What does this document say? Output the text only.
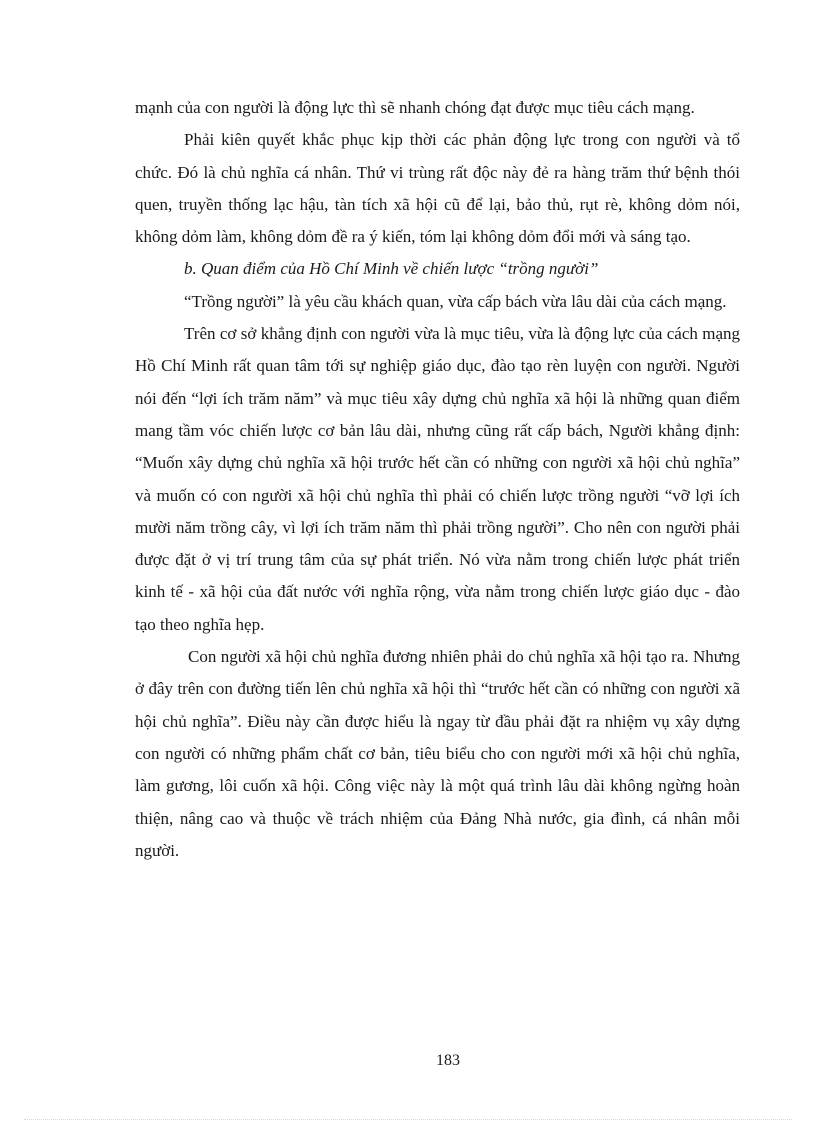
mạnh của con người là động lực thì sẽ nhanh chóng đạt được mục tiêu cách mạng.

Phải kiên quyết khắc phục kịp thời các phản động lực trong con người và tổ chức. Đó là chủ nghĩa cá nhân. Thứ vi trùng rất độc này đẻ ra hàng trăm thứ bệnh thói quen, truyền thống lạc hậu, tàn tích xã hội cũ để lại, bảo thủ, rụt rè, không dỏm nói, không dỏm làm, không dỏm đề ra ý kiến, tóm lại không dỏm đổi mới và sáng tạo.

b. Quan điểm của Hồ Chí Minh về chiến lược “trồng người”

“Trồng người” là yêu cầu khách quan, vừa cấp bách vừa lâu dài của cách mạng.

Trên cơ sở khẳng định con người vừa là mục tiêu, vừa là động lực của cách mạng Hồ Chí Minh rất quan tâm tới sự nghiệp giáo dục, đào tạo rèn luyện con người. Người nói đến “lợi ích trăm năm” và mục tiêu xây dựng chủ nghĩa xã hội là những quan điểm mang tầm vóc chiến lược cơ bản lâu dài, nhưng cũng rất cấp bách, Người khẳng định: “Muốn xây dựng chủ nghĩa xã hội trước hết cần có những con người xã hội chủ nghĩa” và muốn có con người xã hội chủ nghĩa thì phải có chiến lược trồng người “vỡ lợi ích mười năm trồng cây, vì lợi ích trăm năm thì phải trồng người”. Cho nên con người phải được đặt ở vị trí trung tâm của sự phát triển. Nó vừa nằm trong chiến lược phát triển kinh tế - xã hội của đất nước với nghĩa rộng, vừa nằm trong chiến lược giáo dục - đào tạo theo nghĩa hẹp.

Con người xã hội chủ nghĩa đương nhiên phải do chủ nghĩa xã hội tạo ra. Nhưng ở đây trên con đường tiến lên chủ nghĩa xã hội thì “trước hết cần có những con người xã hội chủ nghĩa”. Điều này cần được hiểu là ngay từ đầu phải đặt ra nhiệm vụ xây dựng con người có những phẩm chất cơ bản, tiêu biểu cho con người mới xã hội chủ nghĩa, làm gương, lôi cuốn xã hội. Công việc này là một quá trình lâu dài không ngừng hoàn thiện, nâng cao và thuộc về trách nhiệm của Đảng Nhà nước, gia đình, cá nhân mỗi người.

183
